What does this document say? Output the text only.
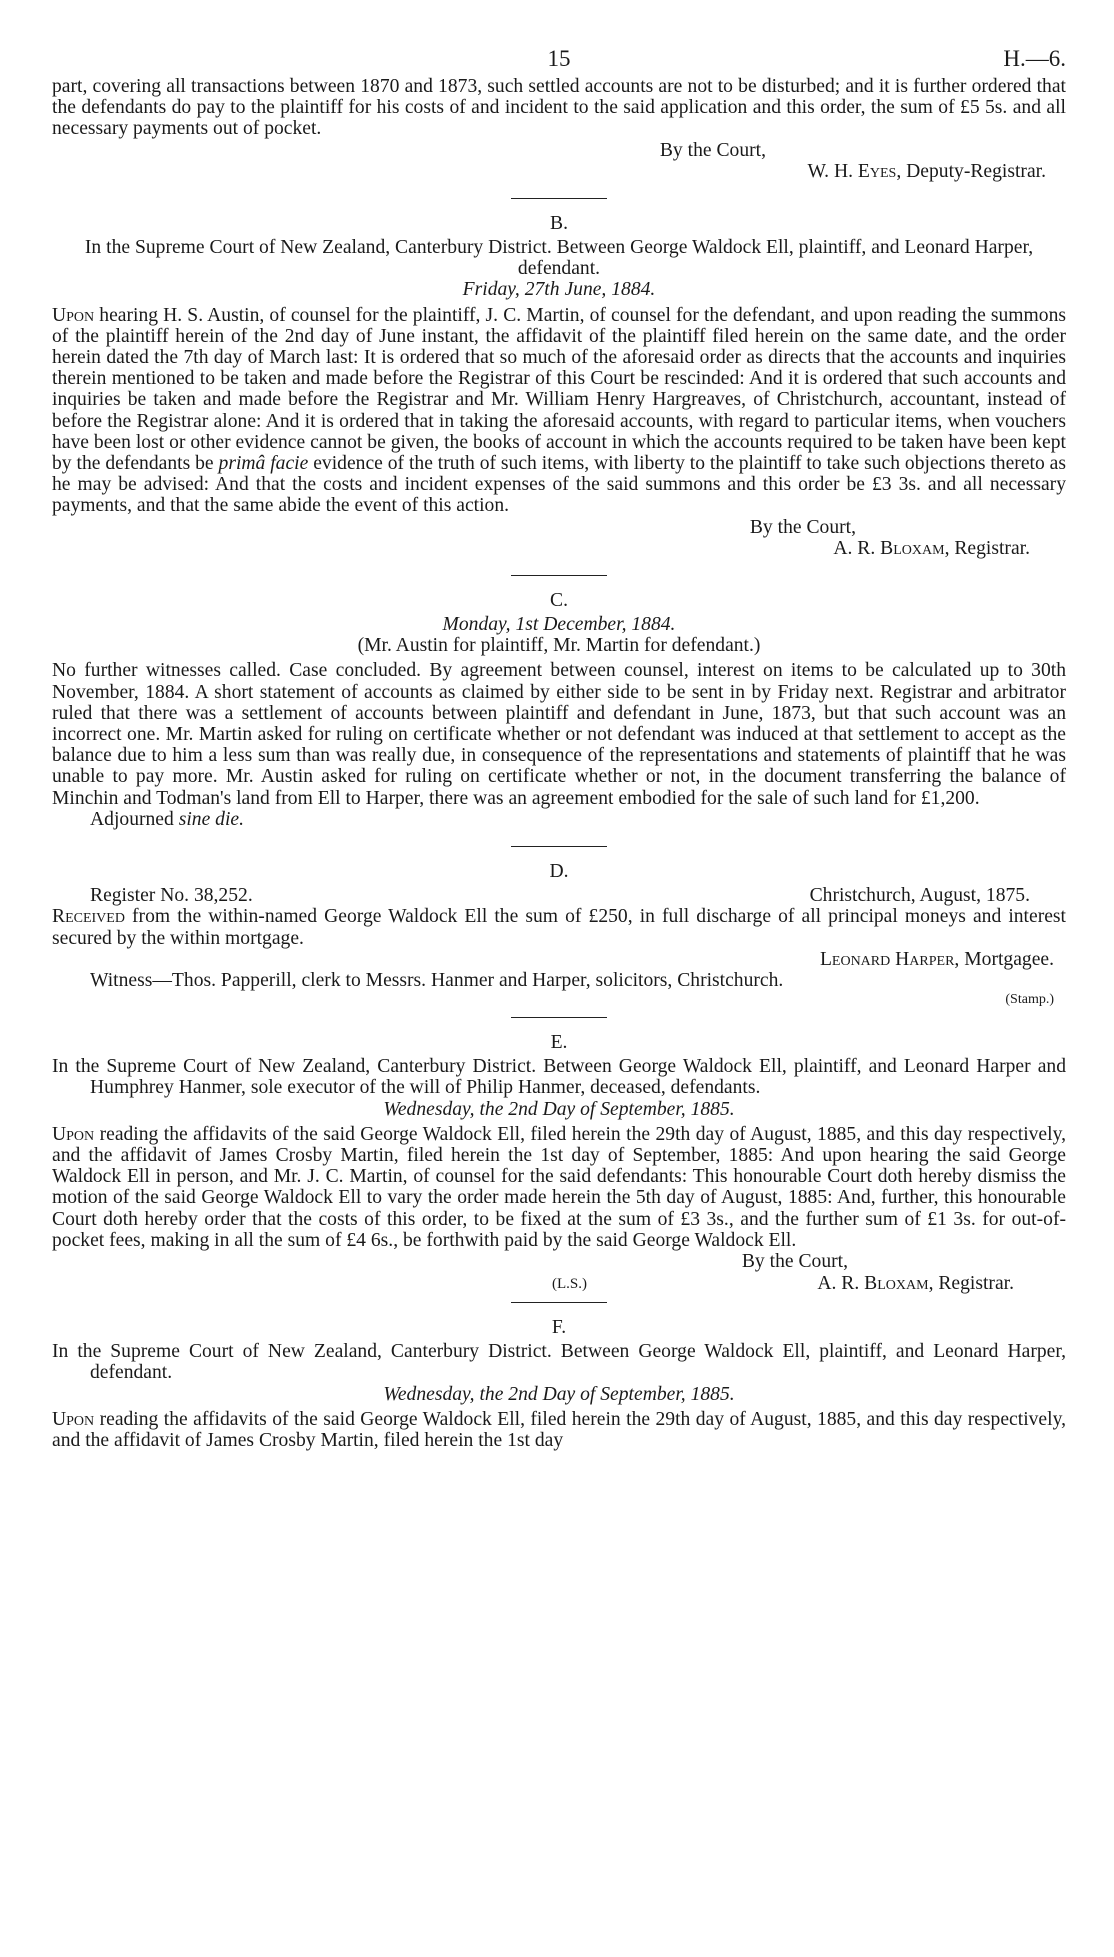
15	H.—6.

part, covering all transactions between 1870 and 1873, such settled accounts are not to be disturbed; and it is further ordered that the defendants do pay to the plaintiff for his costs of and incident to the said application and this order, the sum of £5 5s. and all necessary payments out of pocket.

By the Court,

W. H. Eyes, Deputy-Registrar.

B.

In the Supreme Court of New Zealand, Canterbury District. Between George Waldock Ell, plaintiff, and Leonard Harper, defendant.

Friday, 27th June, 1884.

Upon hearing H. S. Austin, of counsel for the plaintiff, J. C. Martin, of counsel for the defendant, and upon reading the summons of the plaintiff herein of the 2nd day of June instant, the affidavit of the plaintiff filed herein on the same date, and the order herein dated the 7th day of March last: It is ordered that so much of the aforesaid order as directs that the accounts and inquiries therein mentioned to be taken and made before the Registrar of this Court be rescinded: And it is ordered that such accounts and inquiries be taken and made before the Registrar and Mr. William Henry Hargreaves, of Christchurch, accountant, instead of before the Registrar alone: And it is ordered that in taking the aforesaid accounts, with regard to particular items, when vouchers have been lost or other evidence cannot be given, the books of account in which the accounts required to be taken have been kept by the defendants be primâ facie evidence of the truth of such items, with liberty to the plaintiff to take such objections thereto as he may be advised: And that the costs and incident expenses of the said summons and this order be £3 3s. and all necessary payments, and that the same abide the event of this action.

By the Court,

A. R. Bloxam, Registrar.

C.

Monday, 1st December, 1884.

(Mr. Austin for plaintiff, Mr. Martin for defendant.)

No further witnesses called. Case concluded. By agreement between counsel, interest on items to be calculated up to 30th November, 1884. A short statement of accounts as claimed by either side to be sent in by Friday next. Registrar and arbitrator ruled that there was a settlement of accounts between plaintiff and defendant in June, 1873, but that such account was an incorrect one. Mr. Martin asked for ruling on certificate whether or not defendant was induced at that settlement to accept as the balance due to him a less sum than was really due, in consequence of the representations and statements of plaintiff that he was unable to pay more. Mr. Austin asked for ruling on certificate whether or not, in the document transferring the balance of Minchin and Todman's land from Ell to Harper, there was an agreement embodied for the sale of such land for £1,200.

Adjourned sine die.

D.
Register No. 38,252.	Christchurch, August, 1875.

Received from the within-named George Waldock Ell the sum of £250, in full discharge of all principal moneys and interest secured by the within mortgage.

Leonard Harper, Mortgagee.

Witness—Thos. Papperill, clerk to Messrs. Hanmer and Harper, solicitors, Christchurch.

(Stamp.)
E.

In the Supreme Court of New Zealand, Canterbury District. Between George Waldock Ell, plaintiff, and Leonard Harper and Humphrey Hanmer, sole executor of the will of Philip Hanmer, deceased, defendants.

Wednesday, the 2nd Day of September, 1885.

Upon reading the affidavits of the said George Waldock Ell, filed herein the 29th day of August, 1885, and this day respectively, and the affidavit of James Crosby Martin, filed herein the 1st day of September, 1885: And upon hearing the said George Waldock Ell in person, and Mr. J. C. Martin, of counsel for the said defendants: This honourable Court doth hereby dismiss the motion of the said George Waldock Ell to vary the order made herein the 5th day of August, 1885: And, further, this honourable Court doth hereby order that the costs of this order, to be fixed at the sum of £3 3s., and the further sum of £1 3s. for out-of-pocket fees, making in all the sum of £4 6s., be forthwith paid by the said George Waldock Ell.

By the Court,

(L.S.)	A. R. Bloxam, Registrar.
F.

In the Supreme Court of New Zealand, Canterbury District. Between George Waldock Ell, plaintiff, and Leonard Harper, defendant.

Wednesday, the 2nd Day of September, 1885.

Upon reading the affidavits of the said George Waldock Ell, filed herein the 29th day of August, 1885, and this day respectively, and the affidavit of James Crosby Martin, filed herein the 1st day
